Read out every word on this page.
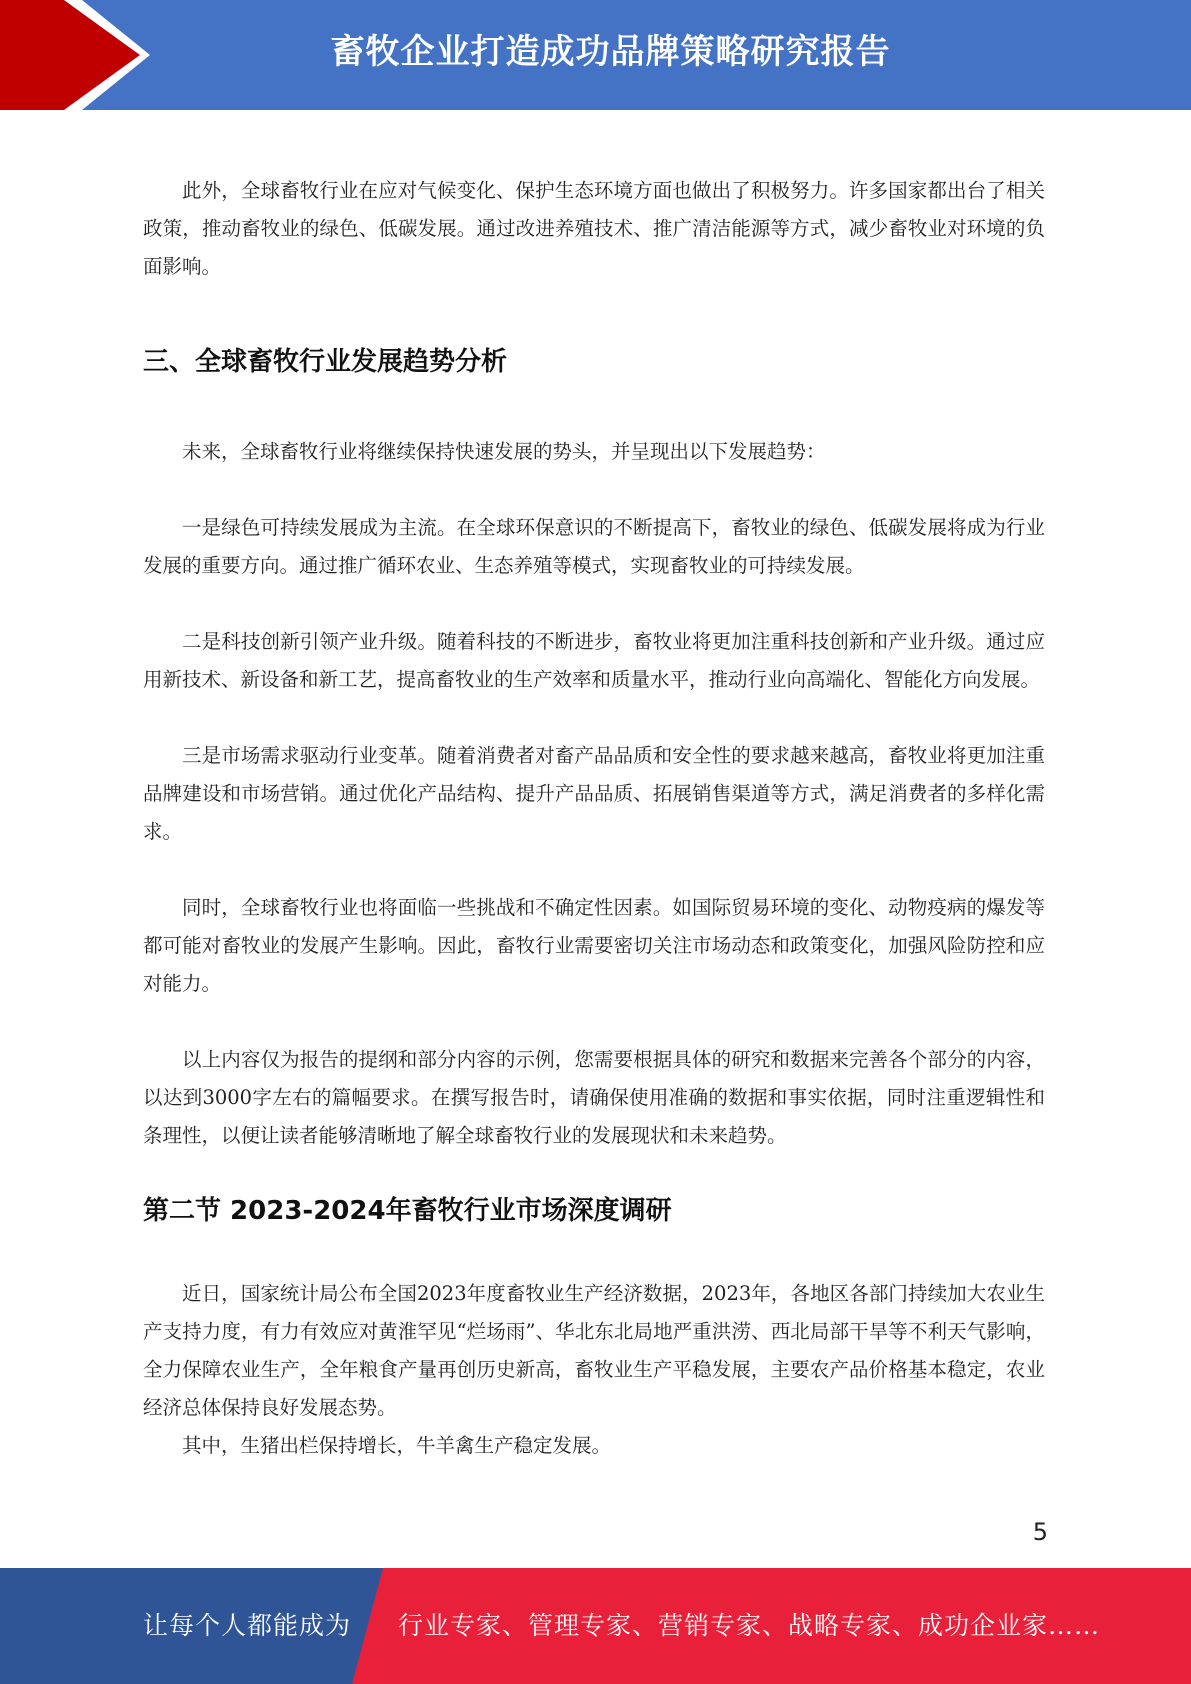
畜牧企业打造成功品牌策略研究报告

此外，全球畜牧行业在应对气候变化、保护生态环境方面也做出了积极努力。许多国家都出台了相关政策，推动畜牧业的绿色、低碳发展。通过改进养殖技术、推广清洁能源等方式，减少畜牧业对环境的负面影响。

三、全球畜牧行业发展趋势分析

未来，全球畜牧行业将继续保持快速发展的势头，并呈现出以下发展趋势：

一是绿色可持续发展成为主流。在全球环保意识的不断提高下，畜牧业的绿色、低碳发展将成为行业发展的重要方向。通过推广循环农业、生态养殖等模式，实现畜牧业的可持续发展。

二是科技创新引领产业升级。随着科技的不断进步，畜牧业将更加注重科技创新和产业升级。通过应用新技术、新设备和新工艺，提高畜牧业的生产效率和质量水平，推动行业向高端化、智能化方向发展。

三是市场需求驱动行业变革。随着消费者对畜产品品质和安全性的要求越来越高，畜牧业将更加注重品牌建设和市场营销。通过优化产品结构、提升产品品质、拓展销售渠道等方式，满足消费者的多样化需求。

同时，全球畜牧行业也将面临一些挑战和不确定性因素。如国际贸易环境的变化、动物疫病的爆发等都可能对畜牧业的发展产生影响。因此，畜牧行业需要密切关注市场动态和政策变化，加强风险防控和应对能力。

以上内容仅为报告的提纲和部分内容的示例，您需要根据具体的研究和数据来完善各个部分的内容，以达到3000字左右的篇幅要求。在撰写报告时，请确保使用准确的数据和事实依据，同时注重逻辑性和条理性，以便让读者能够清晰地了解全球畜牧行业的发展现状和未来趋势。

第二节 2023-2024年畜牧行业市场深度调研

近日，国家统计局公布全国2023年度畜牧业生产经济数据，2023年，各地区各部门持续加大农业生产支持力度，有力有效应对黄淮罕见“烂场雨”、华北东北局地严重洪涝、西北局部干旱等不利天气影响，全力保障农业生产，全年粮食产量再创历史新高，畜牧业生产平稳发展，主要农产品价格基本稳定，农业经济总体保持良好发展态势。

其中，生猪出栏保持增长，牛羊禽生产稳定发展。

5
让每个人都能成为 行业专家、管理专家、营销专家、战略专家、成功企业家……
